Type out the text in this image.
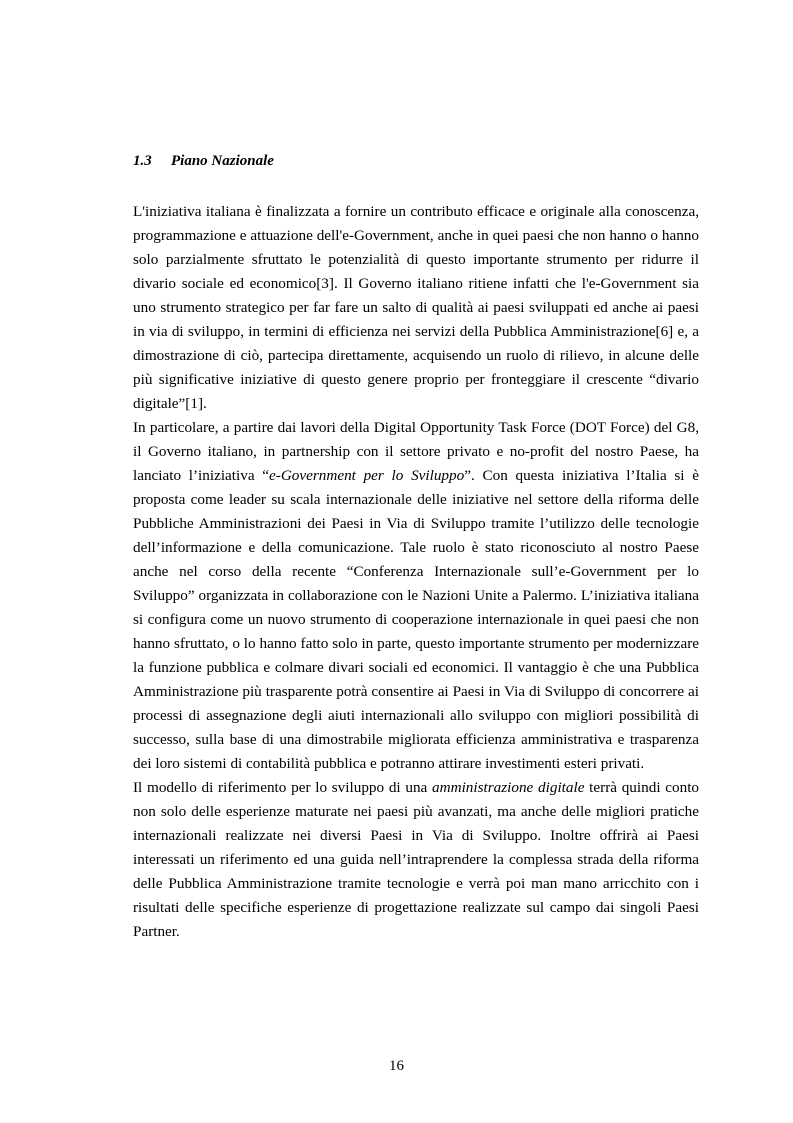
1.3 Piano Nazionale

L'iniziativa italiana è finalizzata a fornire un contributo efficace e originale alla conoscenza, programmazione e attuazione dell'e-Government, anche in quei paesi che non hanno o hanno solo parzialmente sfruttato le potenzialità di questo importante strumento per ridurre il divario sociale ed economico[3]. Il Governo italiano ritiene infatti che l'e-Government sia uno strumento strategico per far fare un salto di qualità ai paesi sviluppati ed anche ai paesi in via di sviluppo, in termini di efficienza nei servizi della Pubblica Amministrazione[6] e, a dimostrazione di ciò, partecipa direttamente, acquisendo un ruolo di rilievo, in alcune delle più significative iniziative di questo genere proprio per fronteggiare il crescente “divario digitale”[1].

In particolare, a partire dai lavori della Digital Opportunity Task Force (DOT Force) del G8, il Governo italiano, in partnership con il settore privato e no-profit del nostro Paese, ha lanciato l’iniziativa “e-Government per lo Sviluppo”. Con questa iniziativa l’Italia si è proposta come leader su scala internazionale delle iniziative nel settore della riforma delle Pubbliche Amministrazioni dei Paesi in Via di Sviluppo tramite l’utilizzo delle tecnologie dell’informazione e della comunicazione. Tale ruolo è stato riconosciuto al nostro Paese anche nel corso della recente “Conferenza Internazionale sull’e-Government per lo Sviluppo” organizzata in collaborazione con le Nazioni Unite a Palermo. L’iniziativa italiana si configura come un nuovo strumento di cooperazione internazionale in quei paesi che non hanno sfruttato, o lo hanno fatto solo in parte, questo importante strumento per modernizzare la funzione pubblica e colmare divari sociali ed economici. Il vantaggio è che una Pubblica Amministrazione più trasparente potrà consentire ai Paesi in Via di Sviluppo di concorrere ai processi di assegnazione degli aiuti internazionali allo sviluppo con migliori possibilità di successo, sulla base di una dimostrabile migliorata efficienza amministrativa e trasparenza dei loro sistemi di contabilità pubblica e potranno attirare investimenti esteri privati.

Il modello di riferimento per lo sviluppo di una amministrazione digitale terrà quindi conto non solo delle esperienze maturate nei paesi più avanzati, ma anche delle migliori pratiche internazionali realizzate nei diversi Paesi in Via di Sviluppo. Inoltre offrirà ai Paesi interessati un riferimento ed una guida nell’intraprendere la complessa strada della riforma delle Pubblica Amministrazione tramite tecnologie e verrà poi man mano arricchito con i risultati delle specifiche esperienze di progettazione realizzate sul campo dai singoli Paesi Partner.

16
